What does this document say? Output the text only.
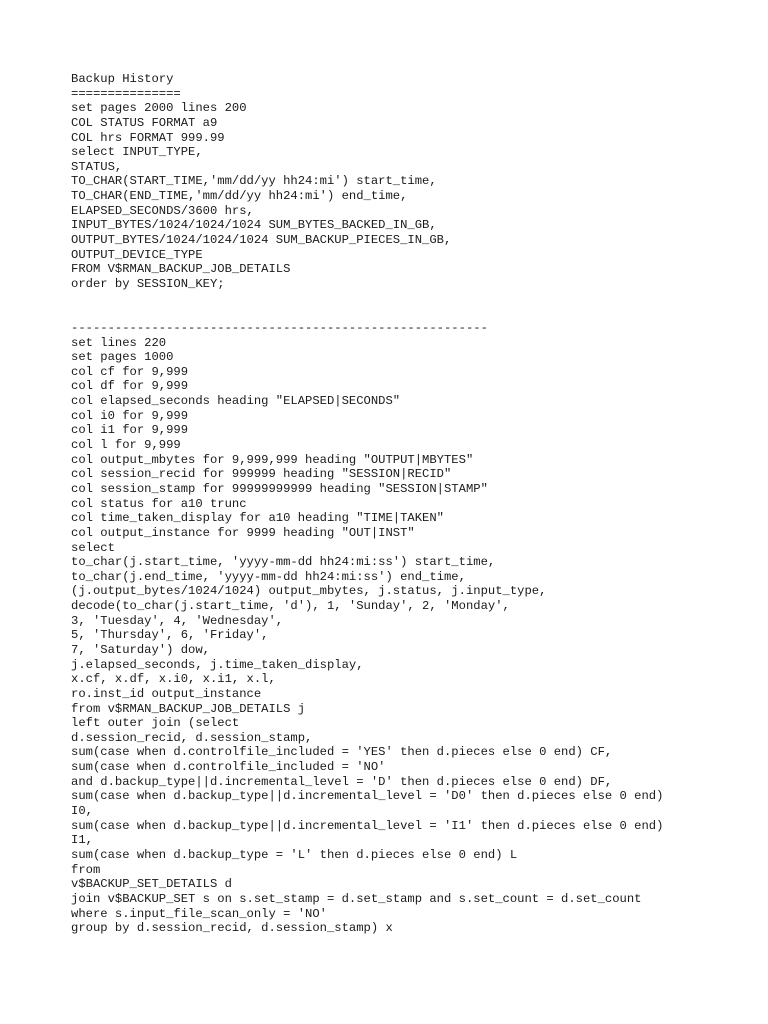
Backup History
===============
set pages 2000 lines 200
COL STATUS FORMAT a9
COL hrs FORMAT 999.99
select INPUT_TYPE,
STATUS,
TO_CHAR(START_TIME,'mm/dd/yy hh24:mi') start_time,
TO_CHAR(END_TIME,'mm/dd/yy hh24:mi') end_time,
ELAPSED_SECONDS/3600 hrs,
INPUT_BYTES/1024/1024/1024 SUM_BYTES_BACKED_IN_GB,
OUTPUT_BYTES/1024/1024/1024 SUM_BACKUP_PIECES_IN_GB,
OUTPUT_DEVICE_TYPE
FROM V$RMAN_BACKUP_JOB_DETAILS
order by SESSION_KEY;
---------------------------------------------------------
set lines 220
set pages 1000
col cf for 9,999
col df for 9,999
col elapsed_seconds heading "ELAPSED|SECONDS"
col i0 for 9,999
col i1 for 9,999
col l for 9,999
col output_mbytes for 9,999,999 heading "OUTPUT|MBYTES"
col session_recid for 999999 heading "SESSION|RECID"
col session_stamp for 99999999999 heading "SESSION|STAMP"
col status for a10 trunc
col time_taken_display for a10 heading "TIME|TAKEN"
col output_instance for 9999 heading "OUT|INST"
select
to_char(j.start_time, 'yyyy-mm-dd hh24:mi:ss') start_time,
to_char(j.end_time, 'yyyy-mm-dd hh24:mi:ss') end_time,
(j.output_bytes/1024/1024) output_mbytes, j.status, j.input_type,
decode(to_char(j.start_time, 'd'), 1, 'Sunday', 2, 'Monday',
3, 'Tuesday', 4, 'Wednesday',
5, 'Thursday', 6, 'Friday',
7, 'Saturday') dow,
j.elapsed_seconds, j.time_taken_display,
x.cf, x.df, x.i0, x.i1, x.l,
ro.inst_id output_instance
from v$RMAN_BACKUP_JOB_DETAILS j
left outer join (select
d.session_recid, d.session_stamp,
sum(case when d.controlfile_included = 'YES' then d.pieces else 0 end) CF,
sum(case when d.controlfile_included = 'NO'
and d.backup_type||d.incremental_level = 'D' then d.pieces else 0 end) DF,
sum(case when d.backup_type||d.incremental_level = 'D0' then d.pieces else 0 end)
I0,
sum(case when d.backup_type||d.incremental_level = 'I1' then d.pieces else 0 end)
I1,
sum(case when d.backup_type = 'L' then d.pieces else 0 end) L
from
v$BACKUP_SET_DETAILS d
join v$BACKUP_SET s on s.set_stamp = d.set_stamp and s.set_count = d.set_count
where s.input_file_scan_only = 'NO'
group by d.session_recid, d.session_stamp) x
